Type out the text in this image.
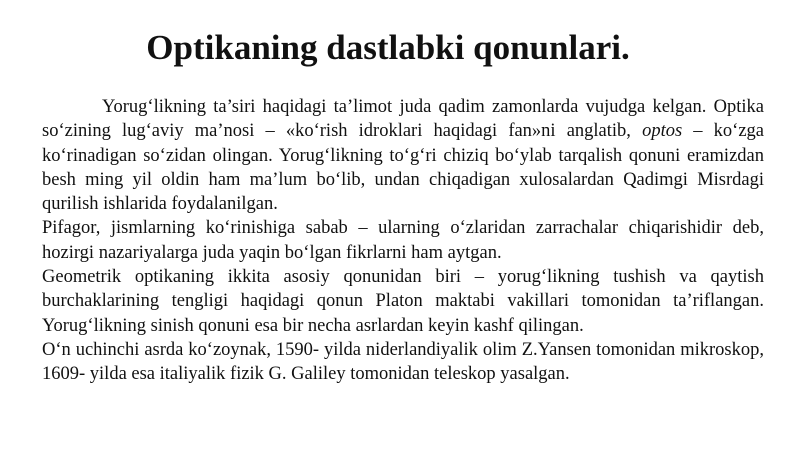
Optikaning dastlabki qonunlari.

Yorug‘likning ta’siri haqidagi ta’limot juda qadim zamonlarda vujudga kelgan. Optika so‘zining lug‘aviy ma’nosi – «ko‘rish idroklari haqidagi fan»ni anglatib, optos – ko‘zga ko‘rinadigan so‘zidan olingan. Yorug‘likning to‘g‘ri chiziq bo‘ylab tarqalish qonuni eramizdan besh ming yil oldin ham ma’lum bo‘lib, undan chiqadigan xulosalardan Qadimgi Misrdagi qurilish ishlarida foydalanilgan.

Pifagor, jismlarning ko‘rinishiga sabab – ularning o‘zlaridan zarrachalar chiqarishidir deb, hozirgi nazariyalarga juda yaqin bo‘lgan fikrlarni ham aytgan.

Geometrik optikaning ikkita asosiy qonunidan biri – yorug‘likning tushish va qaytish burchaklarining tengligi haqidagi qonun Platon maktabi vakillari tomonidan ta’riflangan. Yorug‘likning sinish qonuni esa bir necha asrlardan keyin kashf qilingan.

O‘n uchinchi asrda ko‘zoynak, 1590- yilda niderlandiyalik olim Z.Yansen tomonidan mikroskop, 1609- yilda esa italiyalik fizik G. Galiley tomonidan teleskop yasalgan.
